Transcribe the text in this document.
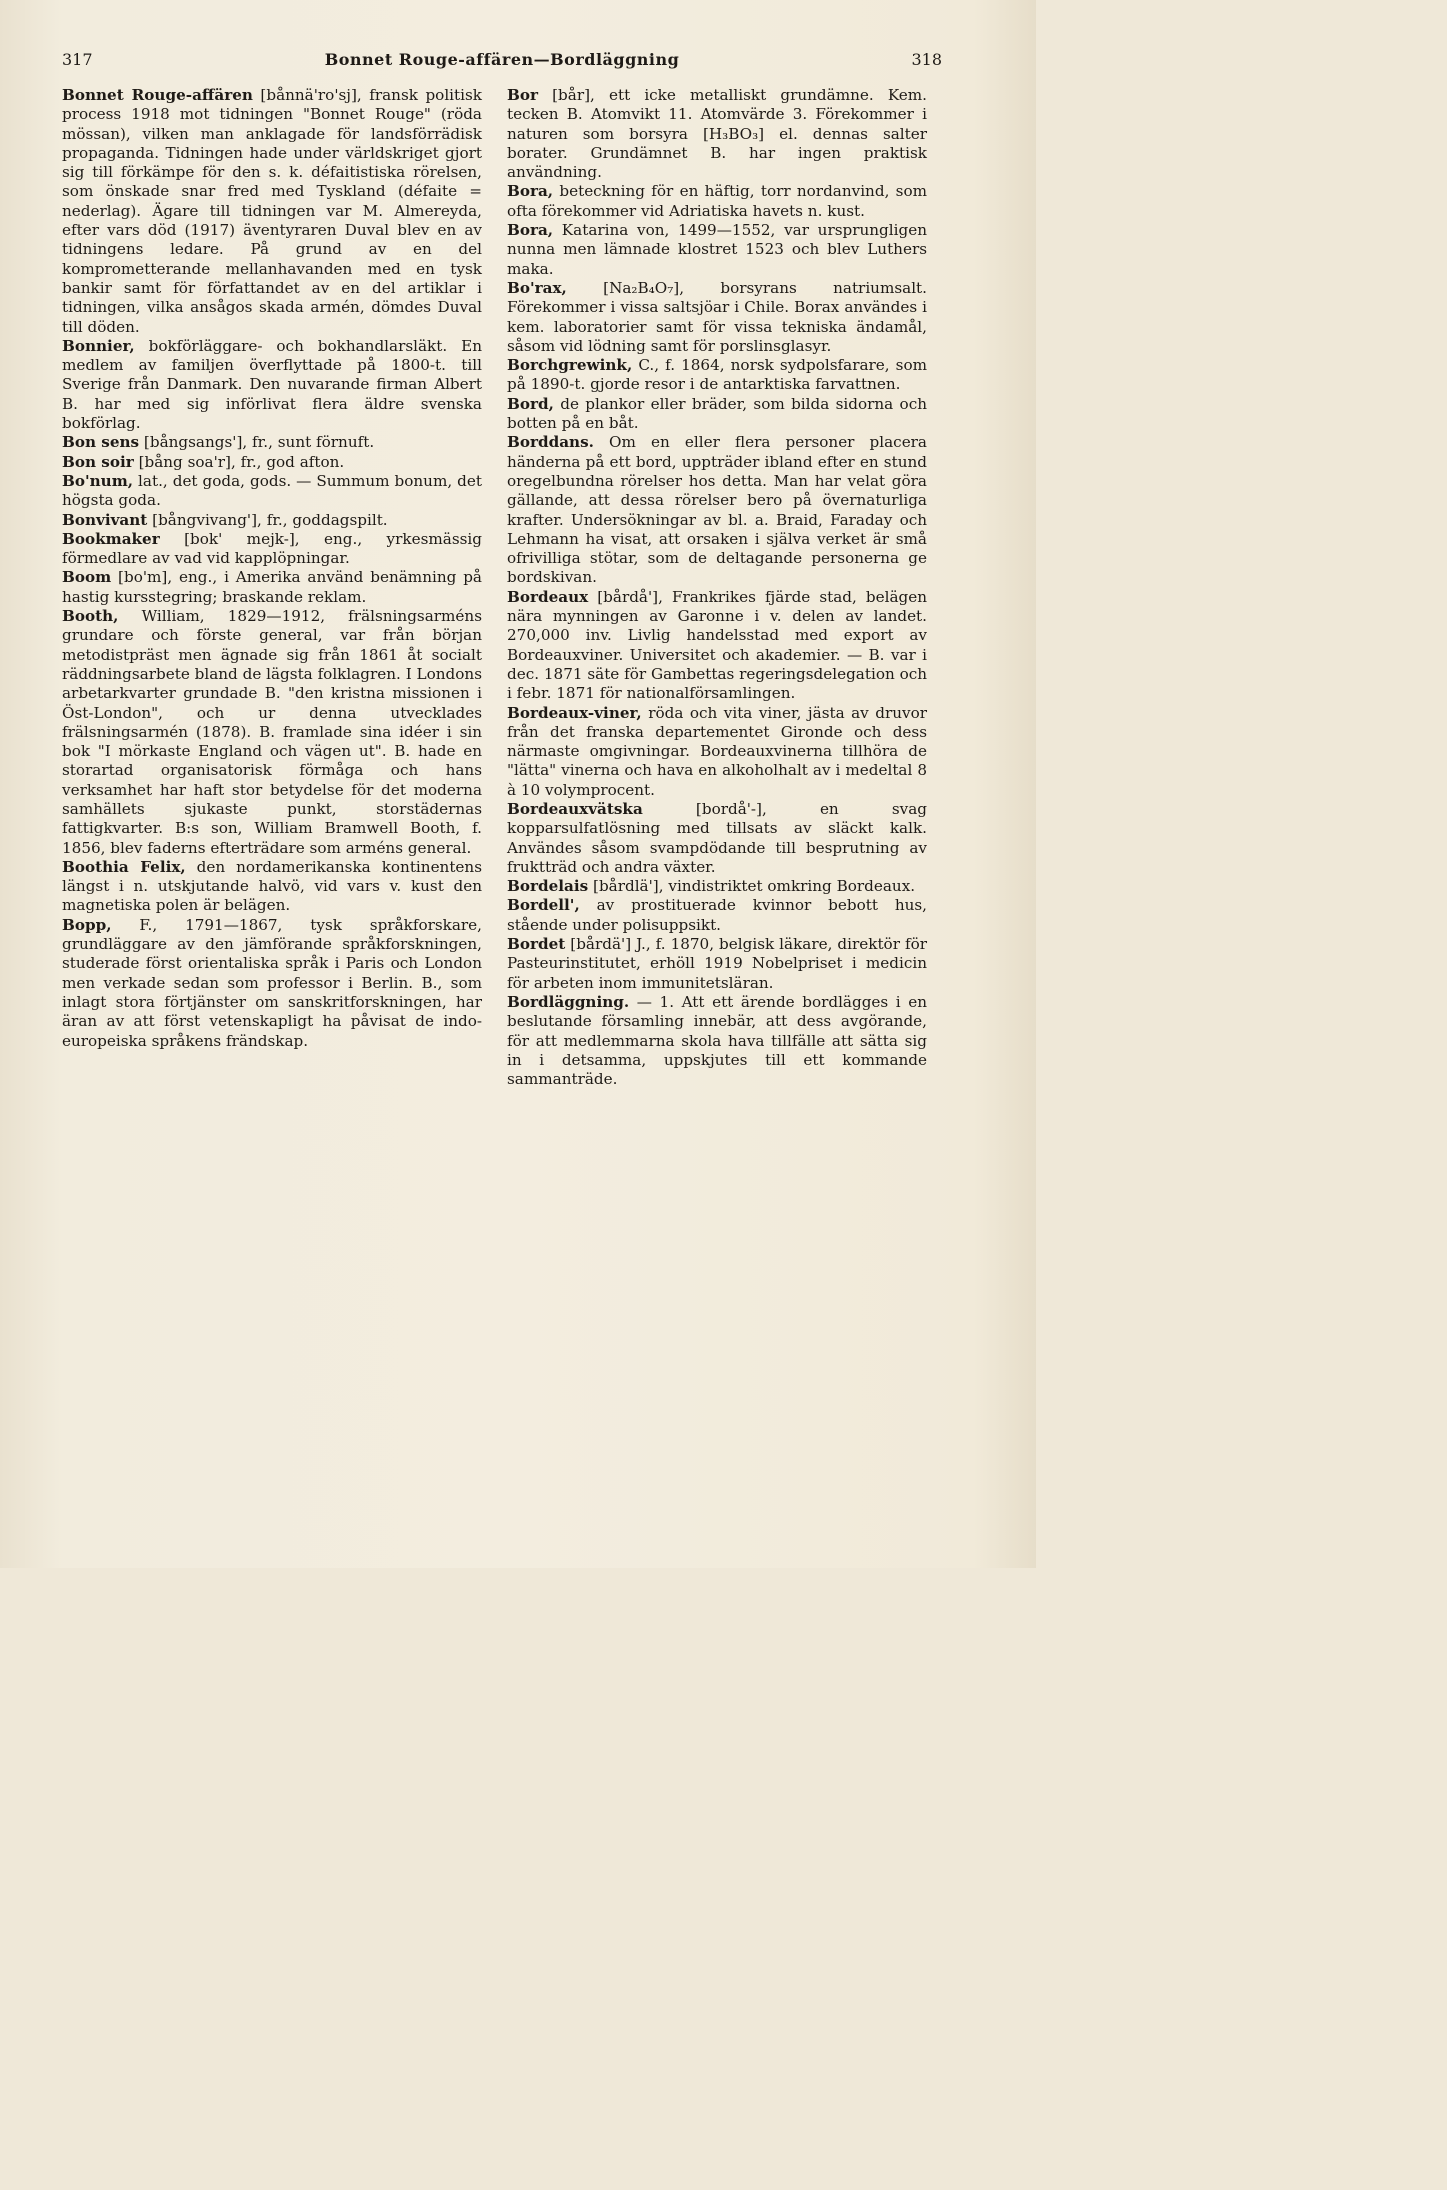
317	Bonnet Rouge-affären—Bordläggning	318

Bonnet Rouge-affären [bånnä'ro'sj], fransk politisk process 1918 mot tidningen "Bonnet Rouge" (röda mössan), vilken man anklagade för landsförrädisk propaganda. Tidningen hade under världskriget gjort sig till förkämpe för den s. k. défaitistiska rörelsen, som önskade snar fred med Tyskland (défaite = nederlag). Ägare till tidningen var M. Almereyda, efter vars död (1917) äventyraren Duval blev en av tidningens ledare. På grund av en del komprometterande mellanhavanden med en tysk bankir samt för författandet av en del artiklar i tidningen, vilka ansågos skada armén, dömdes Duval till döden.

Bonnier, bokförläggare- och bokhandlarsläkt. En medlem av familjen överflyttade på 1800-t. till Sverige från Danmark. Den nuvarande firman Albert B. har med sig införlivat flera äldre svenska bokförlag.

Bon sens [bångsangs'], fr., sunt förnuft.

Bon soir [bång soa'r], fr., god afton.

Bo'num, lat., det goda, gods. — Summum bonum, det högsta goda.

Bonvivant [bångvivang'], fr., goddagspilt.

Bookmaker [bok' mejk-], eng., yrkesmässig förmedlare av vad vid kapplöpningar.

Boom [bo'm], eng., i Amerika använd benämning på hastig kursstegring; braskande reklam.

Booth, William, 1829—1912, frälsningsarméns grundare och förste general, var från början metodistpräst men ägnade sig från 1861 åt socialt räddningsarbete bland de lägsta folklagren. I Londons arbetarkvarter grundade B. "den kristna missionen i Öst-London", och ur denna utvecklades frälsningsarmén (1878). B. framlade sina idéer i sin bok "I mörkaste England och vägen ut". B. hade en storartad organisatorisk förmåga och hans verksamhet har haft stor betydelse för det moderna samhällets sjukaste punkt, storstädernas fattigkvarter. B:s son, William Bramwell Booth, f. 1856, blev faderns efterträdare som arméns general.

Boothia Felix, den nordamerikanska kontinentens längst i n. utskjutande halvö, vid vars v. kust den magnetiska polen är belägen.

Bopp, F., 1791—1867, tysk språkforskare, grundläggare av den jämförande språkforskningen, studerade först orientaliska språk i Paris och London men verkade sedan som professor i Berlin. B., som inlagt stora förtjänster om sanskritforskningen, har äran av att först vetenskapligt ha påvisat de indo-europeiska språkens frändskap.

Bor [bår], ett icke metalliskt grundämne. Kem. tecken B. Atomvikt 11. Atomvärde 3. Förekommer i naturen som borsyra [H₃BO₃] el. dennas salter borater. Grundämnet B. har ingen praktisk användning.

Bora, beteckning för en häftig, torr nordanvind, som ofta förekommer vid Adriatiska havets n. kust.

Bora, Katarina von, 1499—1552, var ursprungligen nunna men lämnade klostret 1523 och blev Luthers maka.

Bo'rax, [Na₂B₄O₇], borsyrans natriumsalt. Förekommer i vissa saltsjöar i Chile. Borax användes i kem. laboratorier samt för vissa tekniska ändamål, såsom vid lödning samt för porslinsglasyr.

Borchgrewink, C., f. 1864, norsk sydpolsfarare, som på 1890-t. gjorde resor i de antarktiska farvattnen.

Bord, de plankor eller bräder, som bilda sidorna och botten på en båt.

Borddans. Om en eller flera personer placera händerna på ett bord, uppträder ibland efter en stund oregelbundna rörelser hos detta. Man har velat göra gällande, att dessa rörelser bero på övernaturliga krafter. Undersökningar av bl. a. Braid, Faraday och Lehmann ha visat, att orsaken i själva verket är små ofrivilliga stötar, som de deltagande personerna ge bordskivan.

Bordeaux [bårdå'], Frankrikes fjärde stad, belägen nära mynningen av Garonne i v. delen av landet. 270,000 inv. Livlig handelsstad med export av Bordeauxviner. Universitet och akademier. — B. var i dec. 1871 säte för Gambettas regeringsdelegation och i febr. 1871 för nationalförsamlingen.

Bordeaux-viner, röda och vita viner, jästa av druvor från det franska departementet Gironde och dess närmaste omgivningar. Bordeauxvinerna tillhöra de "lätta" vinerna och hava en alkoholhalt av i medeltal 8 à 10 volymprocent.

Bordeauxvätska [bordå'-], en svag kopparsulfatlösning med tillsats av släckt kalk. Användes såsom svampdödande till besprutning av fruktträd och andra växter.

Bordelais [bårdlä'], vindistriktet omkring Bordeaux.

Bordell', av prostituerade kvinnor bebott hus, stående under polisuppsikt.

Bordet [bårdä'] J., f. 1870, belgisk läkare, direktör för Pasteurinstitutet, erhöll 1919 Nobelpriset i medicin för arbeten inom immunitetsläran.

Bordläggning. — 1. Att ett ärende bordlägges i en beslutande församling innebär, att dess avgörande, för att medlemmarna skola hava tillfälle att sätta sig in i detsamma, uppskjutes till ett kommande sammanträde.
